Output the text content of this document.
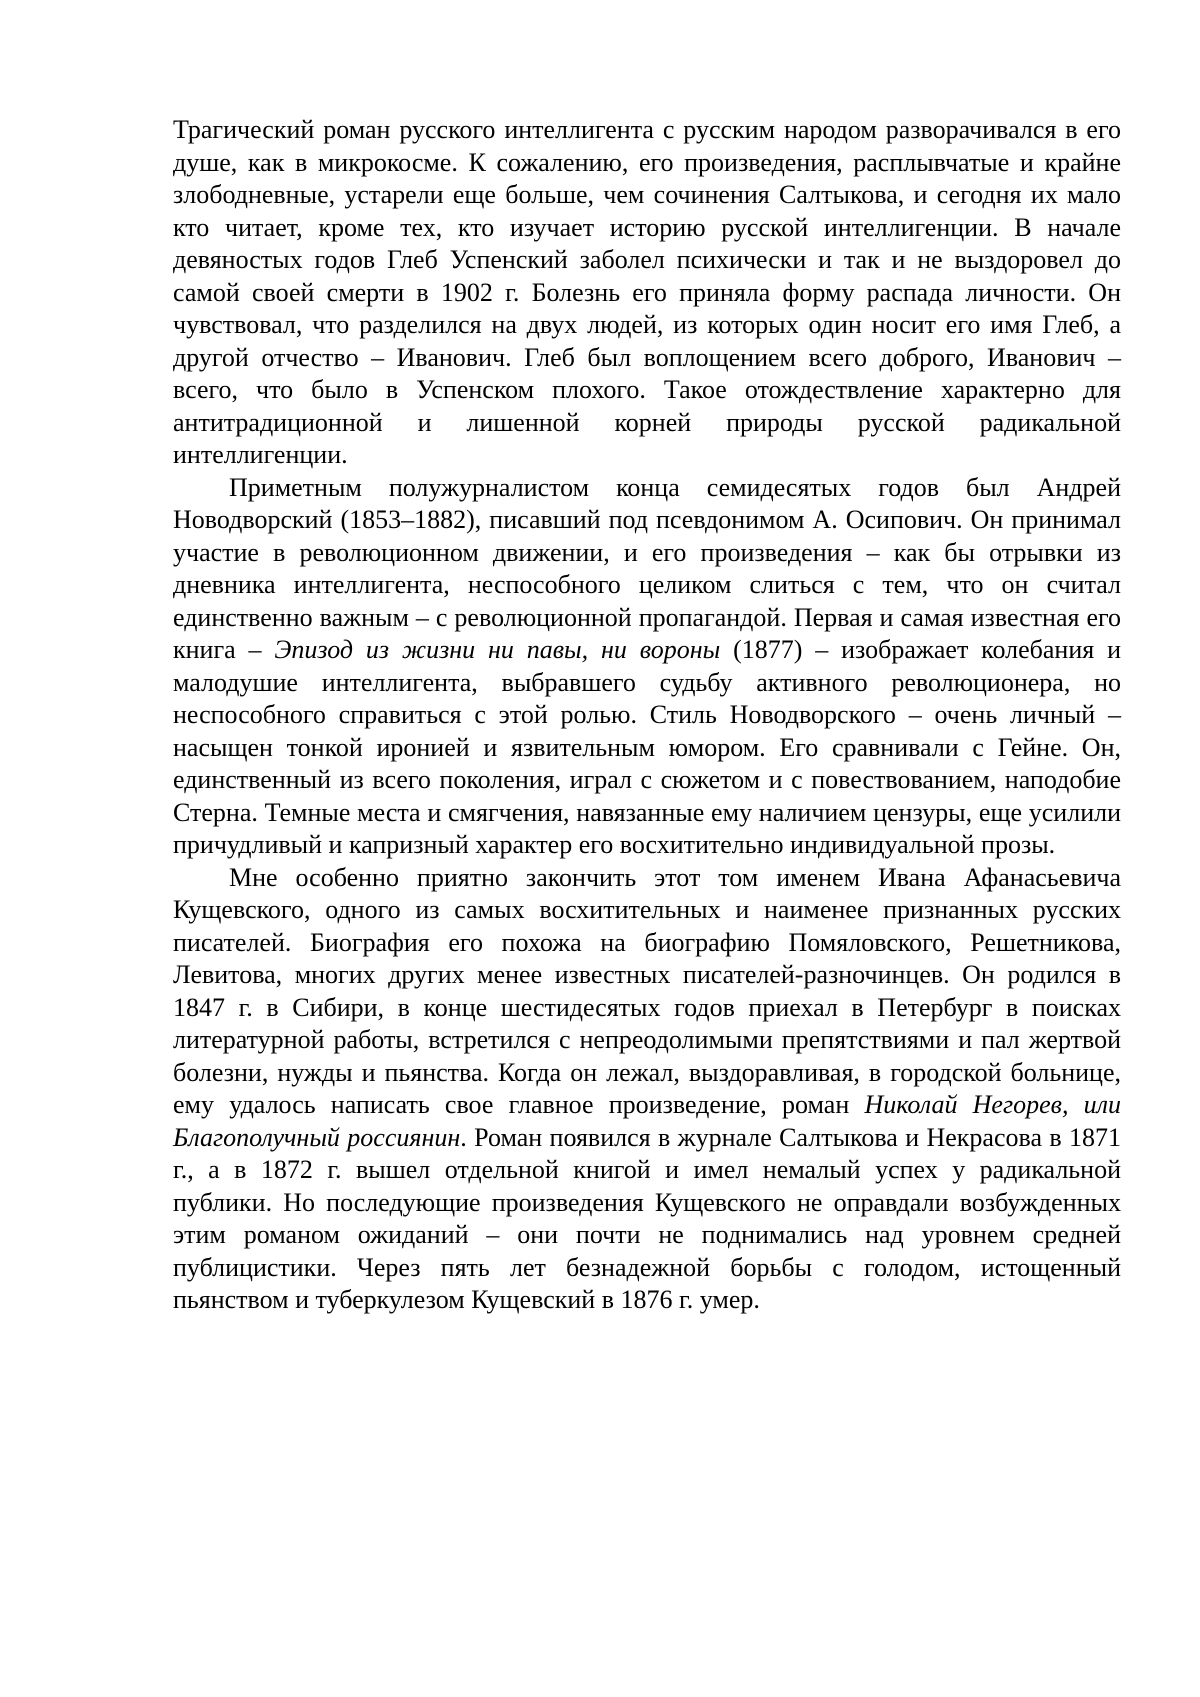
Трагический роман русского интеллигента с русским народом разворачивался в его душе, как в микрокосме. К сожалению, его произведения, расплывчатые и крайне злободневные, устарели еще больше, чем сочинения Салтыкова, и сегодня их мало кто читает, кроме тех, кто изучает историю русской интеллигенции. В начале девяностых годов Глеб Успенский заболел психически и так и не выздоровел до самой своей смерти в 1902 г. Болезнь его приняла форму распада личности. Он чувствовал, что разделился на двух людей, из которых один носит его имя Глеб, а другой отчество – Иванович. Глеб был воплощением всего доброго, Иванович – всего, что было в Успенском плохого. Такое отождествление характерно для антитрадиционной и лишенной корней природы русской радикальной интеллигенции.

Приметным полужурналистом конца семидесятых годов был Андрей Новодворский (1853–1882), писавший под псевдонимом А. Осипович. Он принимал участие в революционном движении, и его произведения – как бы отрывки из дневника интеллигента, неспособного целиком слиться с тем, что он считал единственно важным – с революционной пропагандой. Первая и самая известная его книга – Эпизод из жизни ни павы, ни вороны (1877) – изображает колебания и малодушие интеллигента, выбравшего судьбу активного революционера, но неспособного справиться с этой ролью. Стиль Новодворского – очень личный – насыщен тонкой иронией и язвительным юмором. Его сравнивали с Гейне. Он, единственный из всего поколения, играл с сюжетом и с повествованием, наподобие Стерна. Темные места и смягчения, навязанные ему наличием цензуры, еще усилили причудливый и капризный характер его восхитительно индивидуальной прозы.

Мне особенно приятно закончить этот том именем Ивана Афанасьевича Кущевского, одного из самых восхитительных и наименее признанных русских писателей. Биография его похожа на биографию Помяловского, Решетникова, Левитова, многих других менее известных писателей-разночинцев. Он родился в 1847 г. в Сибири, в конце шестидесятых годов приехал в Петербург в поисках литературной работы, встретился с непреодолимыми препятствиями и пал жертвой болезни, нужды и пьянства. Когда он лежал, выздоравливая, в городской больнице, ему удалось написать свое главное произведение, роман Николай Негорев, или Благополучный россиянин. Роман появился в журнале Салтыкова и Некрасова в 1871 г., а в 1872 г. вышел отдельной книгой и имел немалый успех у радикальной публики. Но последующие произведения Кущевского не оправдали возбужденных этим романом ожиданий – они почти не поднимались над уровнем средней публицистики. Через пять лет безнадежной борьбы с голодом, истощенный пьянством и туберкулезом Кущевский в 1876 г. умер.
